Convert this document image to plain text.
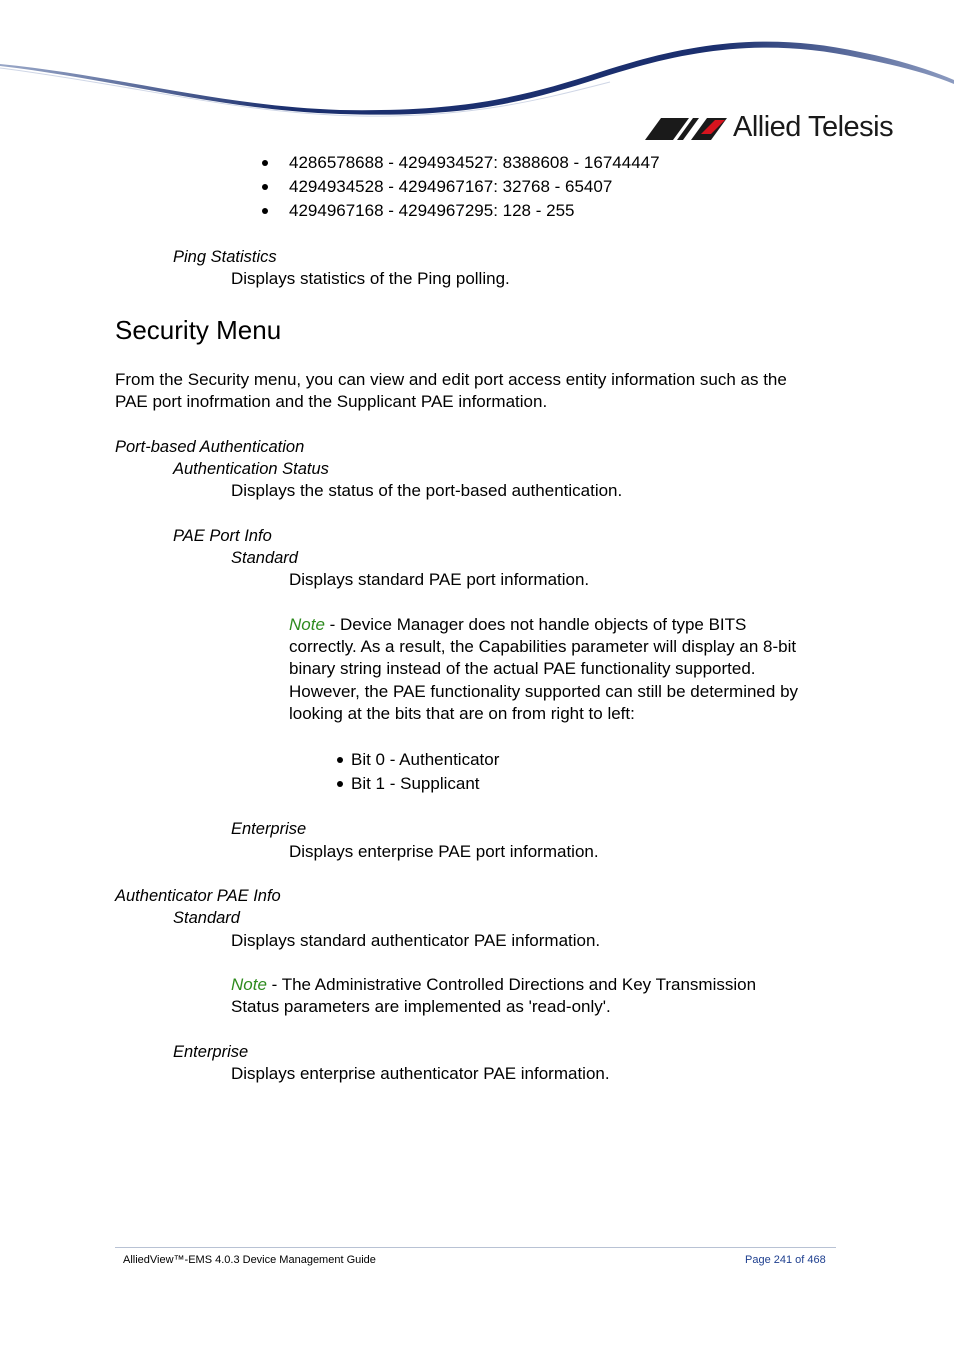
Allied Telesis
4286578688 - 4294934527: 8388608 - 16744447
4294934528 - 4294967167: 32768 - 65407
4294967168 - 4294967295: 128 - 255
Ping Statistics
Displays statistics of the Ping polling.
Security Menu
From the Security menu, you can view and edit port access entity information such as the
PAE port inofrmation and the Supplicant PAE information.
Port-based Authentication
Authentication Status
Displays the status of the port-based authentication.
PAE Port Info
Standard
Displays standard PAE port information.
Note - Device Manager does not handle objects of type BITS
correctly. As a result, the Capabilities parameter will display an 8-bit
binary string instead of the actual PAE functionality supported.
However, the PAE functionality supported can still be determined by
looking at the bits that are on from right to left:
Bit 0 - Authenticator
Bit 1 - Supplicant
Enterprise
Displays enterprise PAE port information.
Authenticator PAE Info
Standard
Displays standard authenticator PAE information.
Note - The Administrative Controlled Directions and Key Transmission
Status parameters are implemented as 'read-only'.
Enterprise
Displays enterprise authenticator PAE information.
AlliedView™-EMS 4.0.3 Device Management Guide	Page 241 of 468
